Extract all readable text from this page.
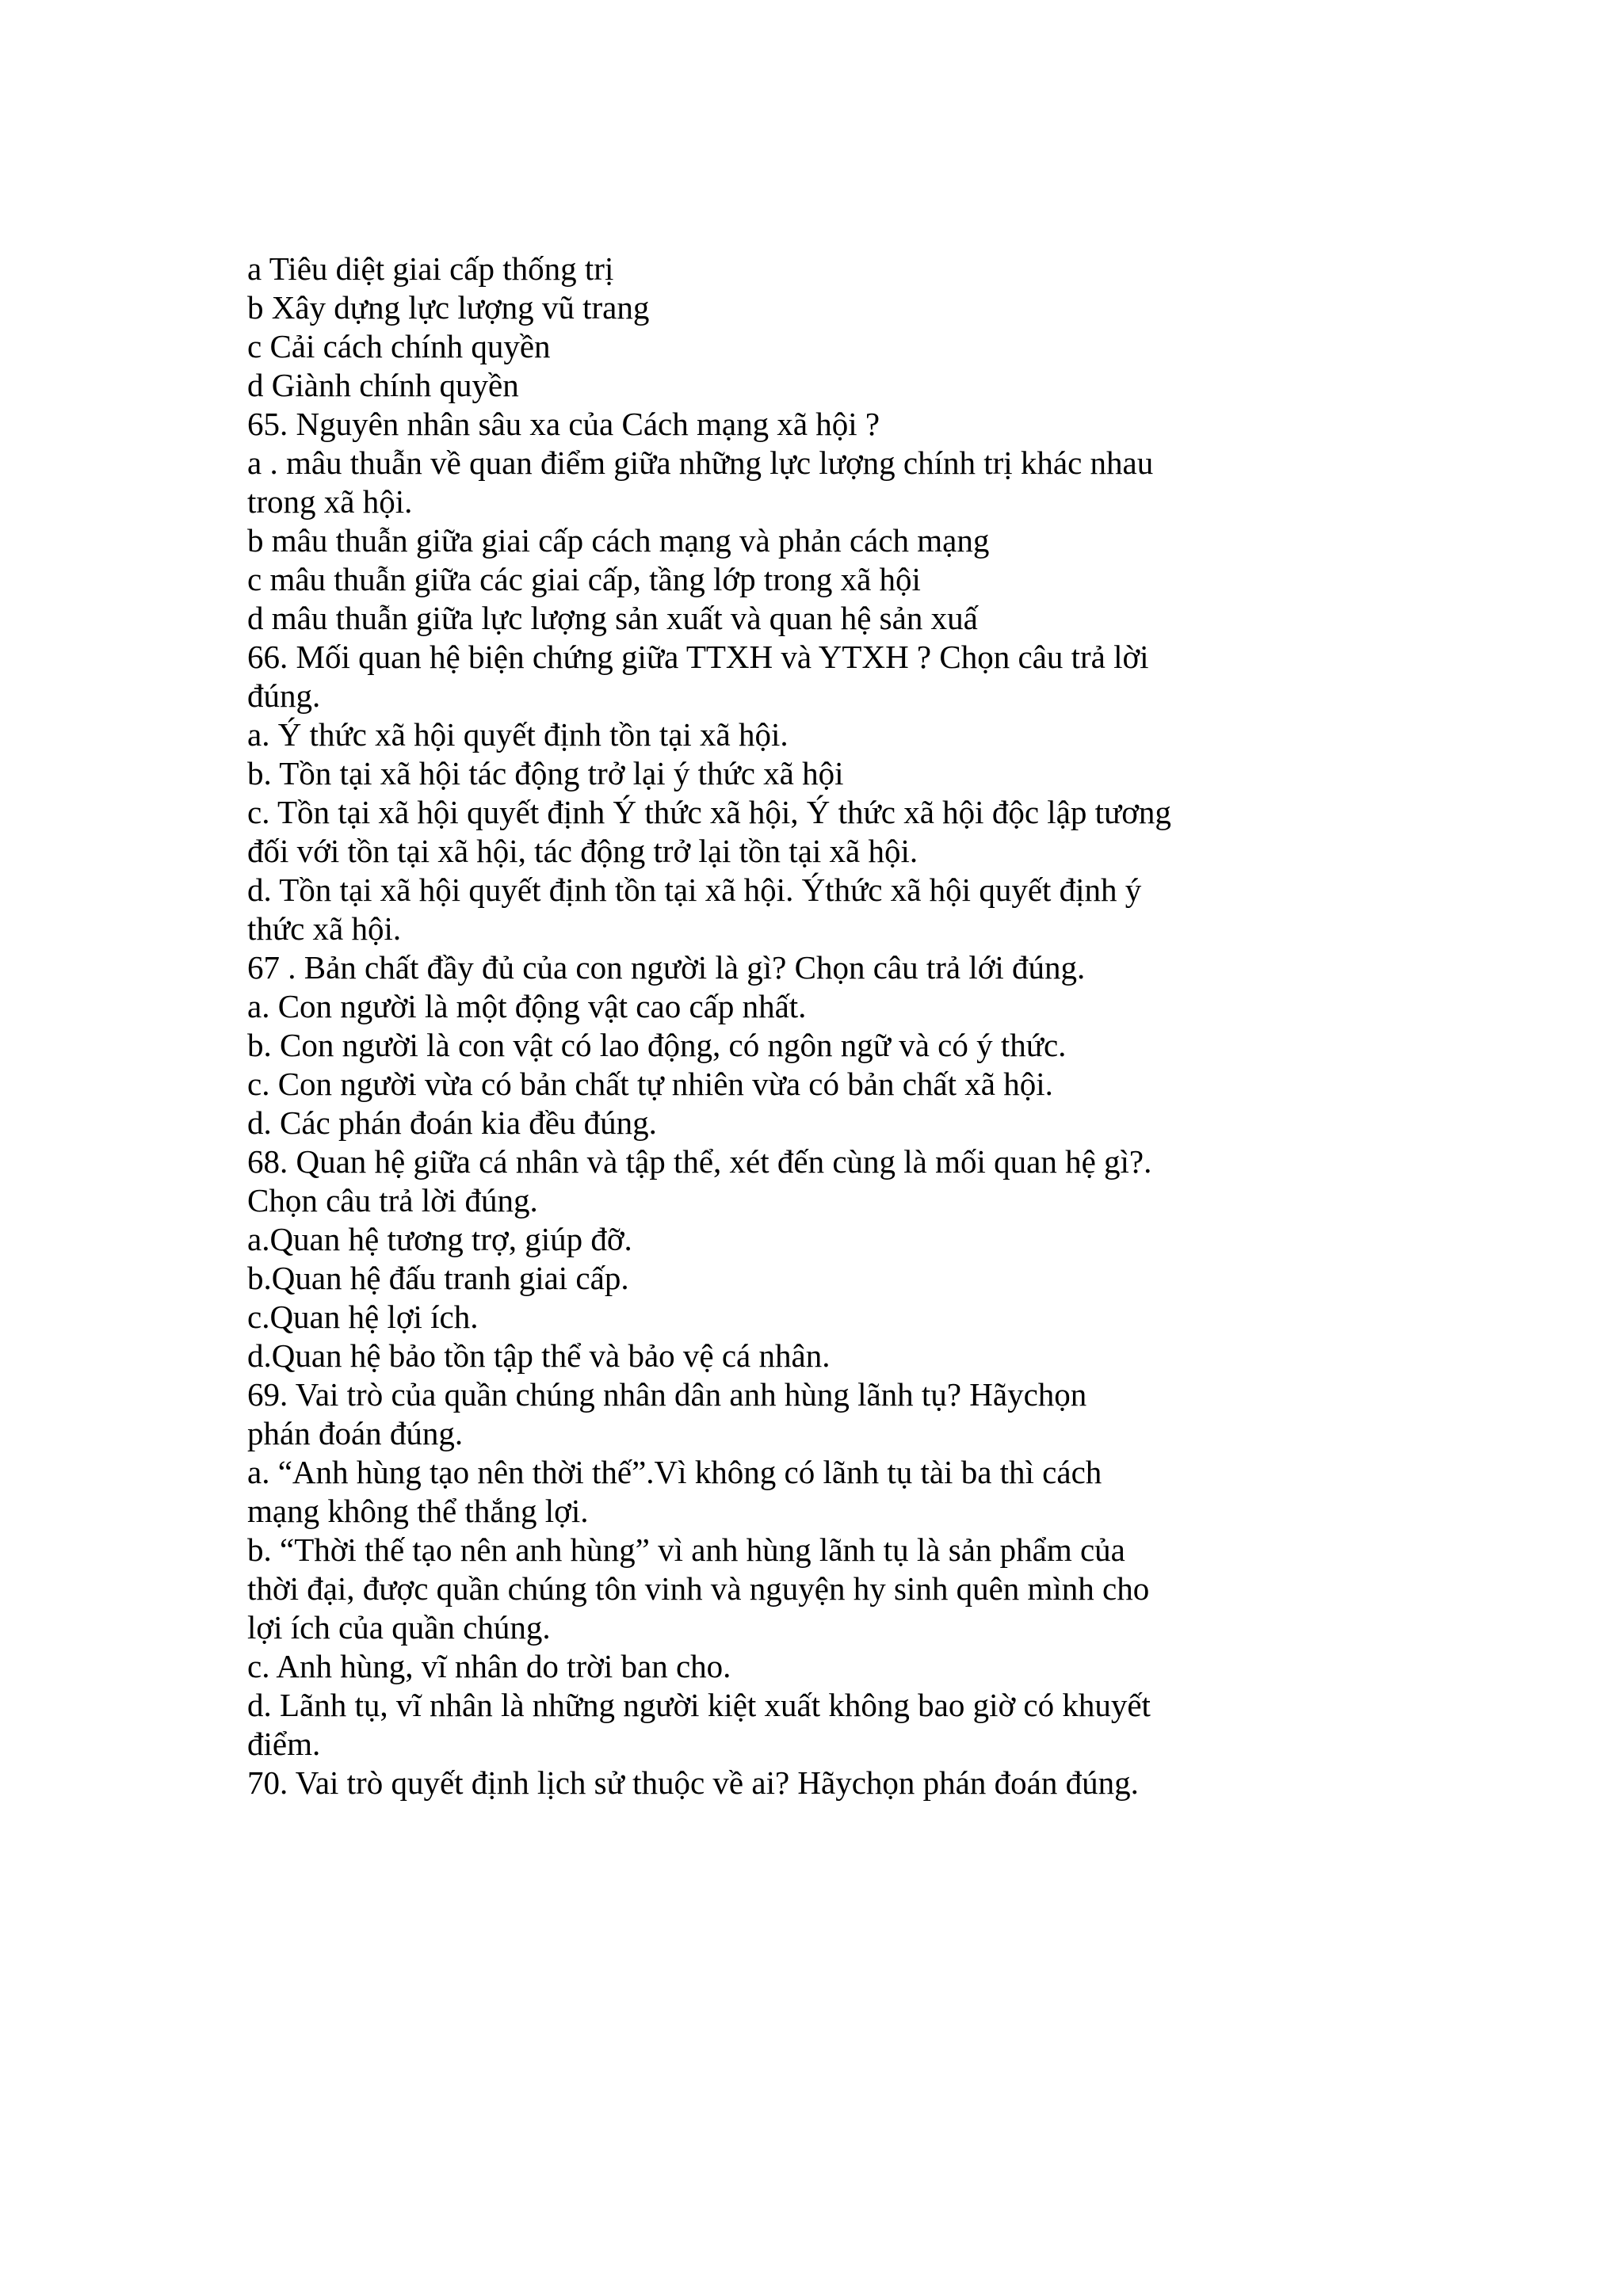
a Tiêu diệt giai cấp thống trị
b Xây dựng lực lượng vũ trang
c Cải cách chính quyền
d Giành chính quyền
65. Nguyên nhân sâu xa của Cách mạng xã hội ?
a . mâu thuẫn về quan điểm giữa những lực lượng chính trị khác nhau
trong xã hội.
b mâu thuẫn giữa giai cấp cách mạng và phản cách mạng
c mâu thuẫn giữa các giai cấp, tầng lớp trong xã hội
d mâu thuẫn giữa lực lượng sản xuất và quan hệ sản xuấ
66. Mối quan hệ biện chứng giữa TTXH và YTXH ? Chọn câu trả lời
đúng.
a. Ý thức xã hội quyết định tồn tại xã hội.
b. Tồn tại xã hội tác động trở lại ý thức xã hội
c. Tồn tại xã hội quyết định Ý thức xã hội, Ý thức xã hội độc lập tương
đối với tồn tại xã hội, tác động trở lại tồn tại xã hội.
d. Tồn tại xã hội quyết định tồn tại xã hội. Ýthức xã hội quyết định ý
thức xã hội.
67 . Bản chất đầy đủ của con người là gì? Chọn câu trả lới đúng.
a. Con người là một động vật cao cấp nhất.
b. Con người là con vật có lao động, có ngôn ngữ và có ý thức.
c. Con người vừa có bản chất tự nhiên vừa có bản chất xã hội.
d. Các phán đoán kia đều đúng.
68. Quan hệ giữa cá nhân và tập thể, xét đến cùng là mối quan hệ gì?.
Chọn câu trả lời đúng.
a.Quan hệ tương trợ, giúp đỡ.
b.Quan hệ đấu tranh giai cấp.
c.Quan hệ lợi ích.
d.Quan hệ bảo tồn tập thể và bảo vệ cá nhân.
69. Vai trò của quần chúng nhân dân anh hùng lãnh tụ? Hãychọn
phán đoán đúng.
a. “Anh hùng tạo nên thời thế”.Vì không có lãnh tụ tài ba thì cách
mạng không thể thắng lợi.
b. “Thời thế tạo nên anh hùng” vì anh hùng lãnh tụ là sản phẩm của
thời đại, được quần chúng tôn vinh và nguyện hy sinh quên mình cho
lợi ích của quần chúng.
c. Anh hùng, vĩ nhân do trời ban cho.
d. Lãnh tụ, vĩ nhân là những người kiệt xuất không bao giờ có khuyết
điểm.
70. Vai trò quyết định lịch sử thuộc về ai? Hãychọn phán đoán đúng.
